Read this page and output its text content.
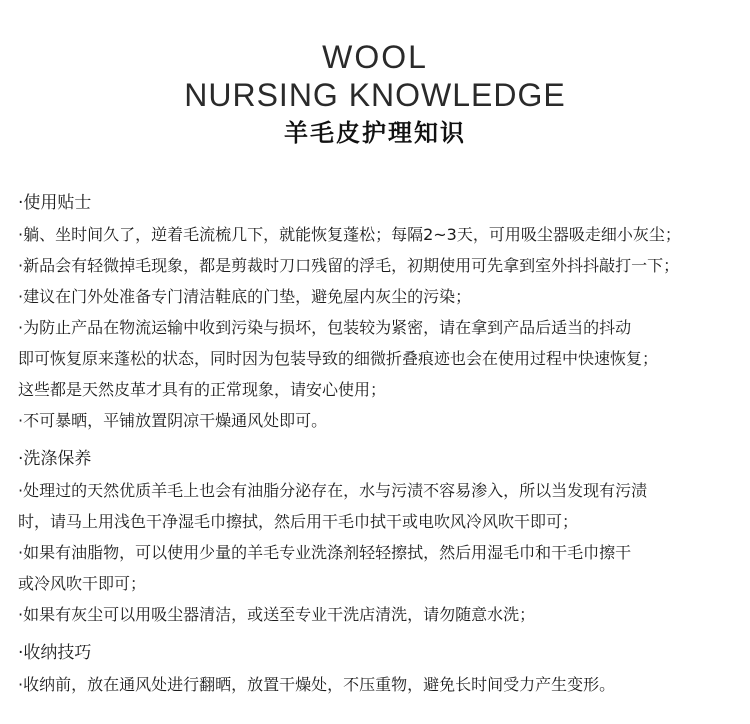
WOOL
NURSING KNOWLEDGE
羊毛皮护理知识
·使用贴士
·躺、坐时间久了，逆着毛流梳几下，就能恢复蓬松；每隔2~3天，可用吸尘器吸走细小灰尘；
·新品会有轻微掉毛现象，都是剪裁时刀口残留的浮毛，初期使用可先拿到室外抖抖敲打一下；
·建议在门外处准备专门清洁鞋底的门垫，避免屋内灰尘的污染；
·为防止产品在物流运输中收到污染与损坏，包装较为紧密，请在拿到产品后适当的抖动
即可恢复原来蓬松的状态，同时因为包装导致的细微折叠痕迹也会在使用过程中快速恢复；
这些都是天然皮革才具有的正常现象，请安心使用；
·不可暴晒，平铺放置阴凉干燥通风处即可。
·洗涤保养
·处理过的天然优质羊毛上也会有油脂分泌存在，水与污渍不容易渗入，所以当发现有污渍
时，请马上用浅色干净湿毛巾擦拭，然后用干毛巾拭干或电吹风冷风吹干即可；
·如果有油脂物，可以使用少量的羊毛专业洗涤剂轻轻擦拭，然后用湿毛巾和干毛巾擦干
或冷风吹干即可；
·如果有灰尘可以用吸尘器清洁，或送至专业干洗店清洗，请勿随意水洗；
·收纳技巧
·收纳前，放在通风处进行翻晒，放置干燥处，不压重物，避免长时间受力产生变形。
